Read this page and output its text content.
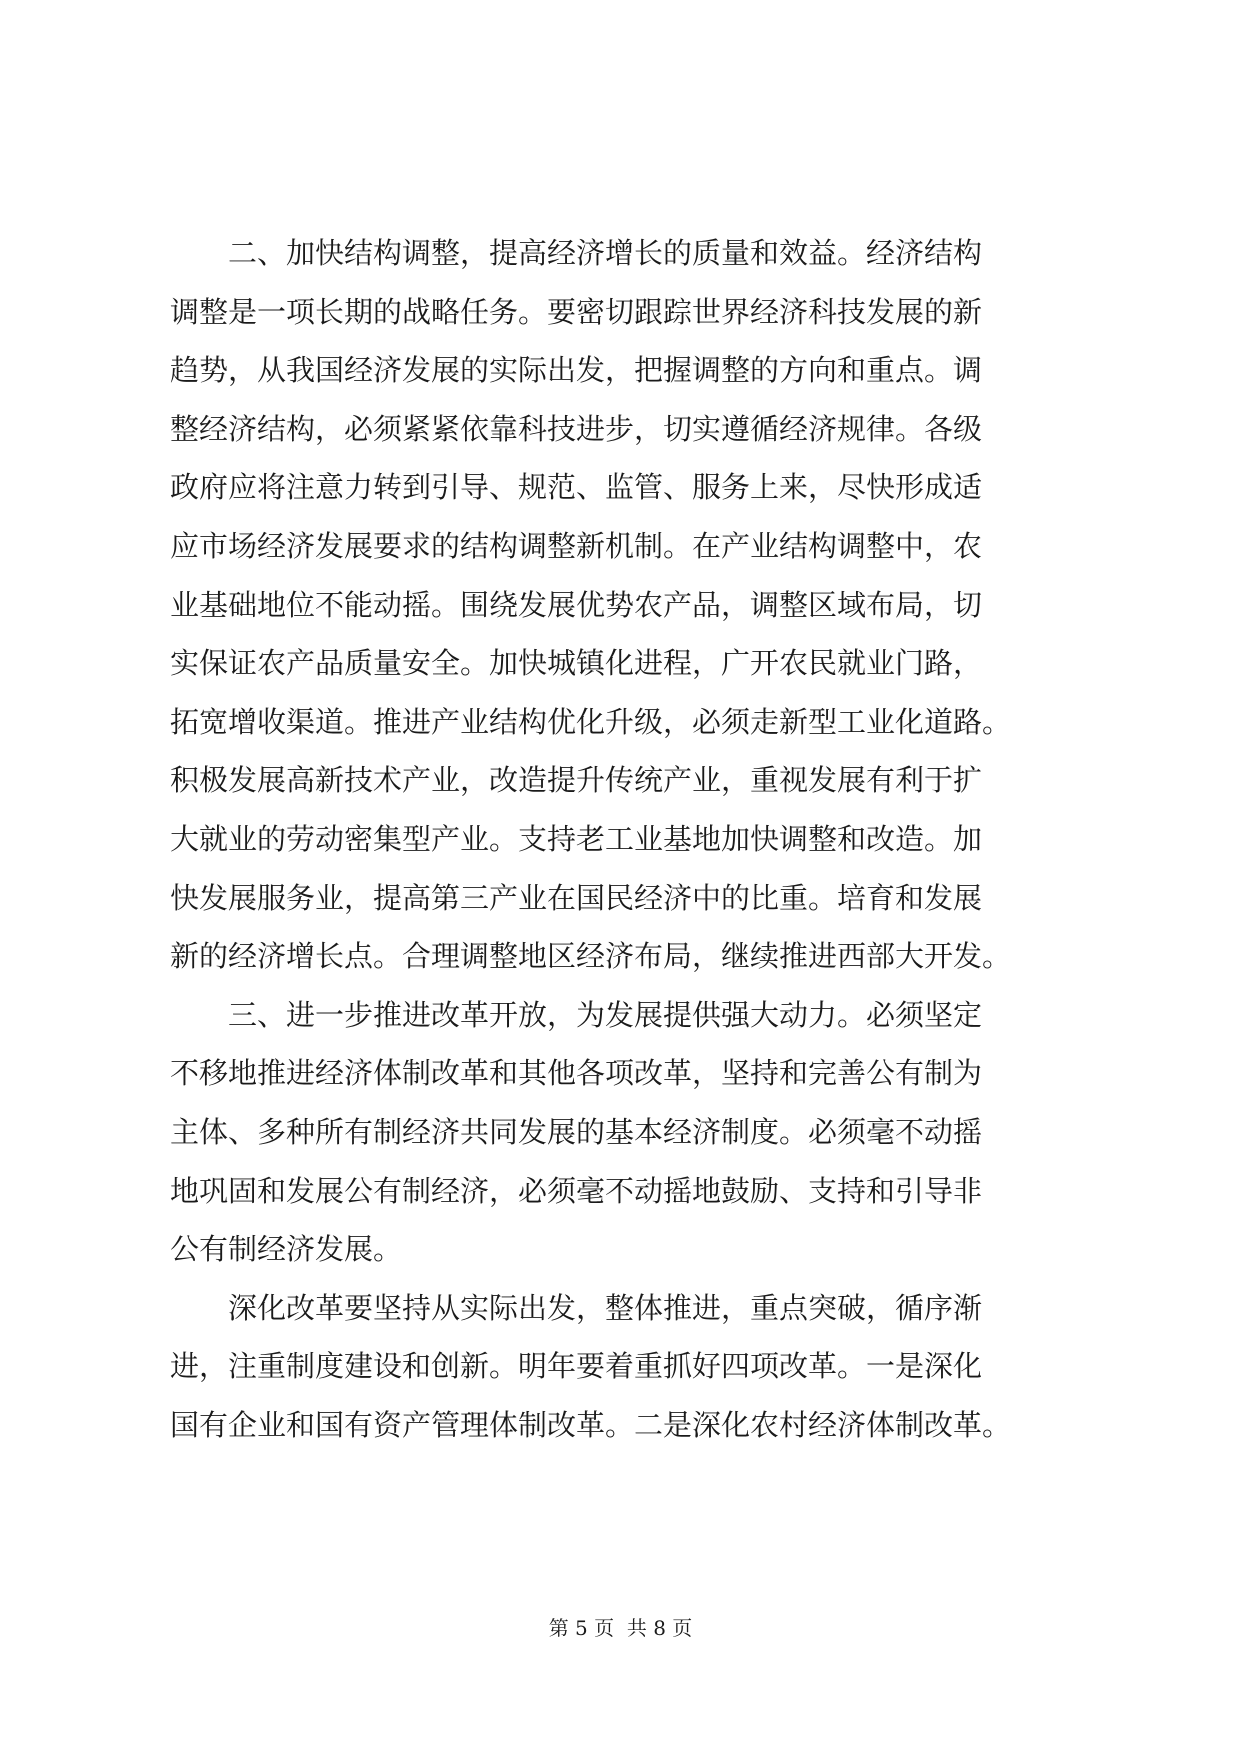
　　二、加快结构调整，提高经济增长的质量和效益。经济结构
调整是一项长期的战略任务。要密切跟踪世界经济科技发展的新
趋势，从我国经济发展的实际出发，把握调整的方向和重点。调
整经济结构，必须紧紧依靠科技进步，切实遵循经济规律。各级
政府应将注意力转到引导、规范、监管、服务上来，尽快形成适
应市场经济发展要求的结构调整新机制。在产业结构调整中，农
业基础地位不能动摇。围绕发展优势农产品，调整区域布局，切
实保证农产品质量安全。加快城镇化进程，广开农民就业门路，
拓宽增收渠道。推进产业结构优化升级，必须走新型工业化道路。
积极发展高新技术产业，改造提升传统产业，重视发展有利于扩
大就业的劳动密集型产业。支持老工业基地加快调整和改造。加
快发展服务业，提高第三产业在国民经济中的比重。培育和发展
新的经济增长点。合理调整地区经济布局，继续推进西部大开发。
　　三、进一步推进改革开放，为发展提供强大动力。必须坚定
不移地推进经济体制改革和其他各项改革，坚持和完善公有制为
主体、多种所有制经济共同发展的基本经济制度。必须毫不动摇
地巩固和发展公有制经济，必须毫不动摇地鼓励、支持和引导非
公有制经济发展。
　　深化改革要坚持从实际出发，整体推进，重点突破，循序渐
进，注重制度建设和创新。明年要着重抓好四项改革。一是深化
国有企业和国有资产管理体制改革。二是深化农村经济体制改革。
第 5 页  共 8 页
